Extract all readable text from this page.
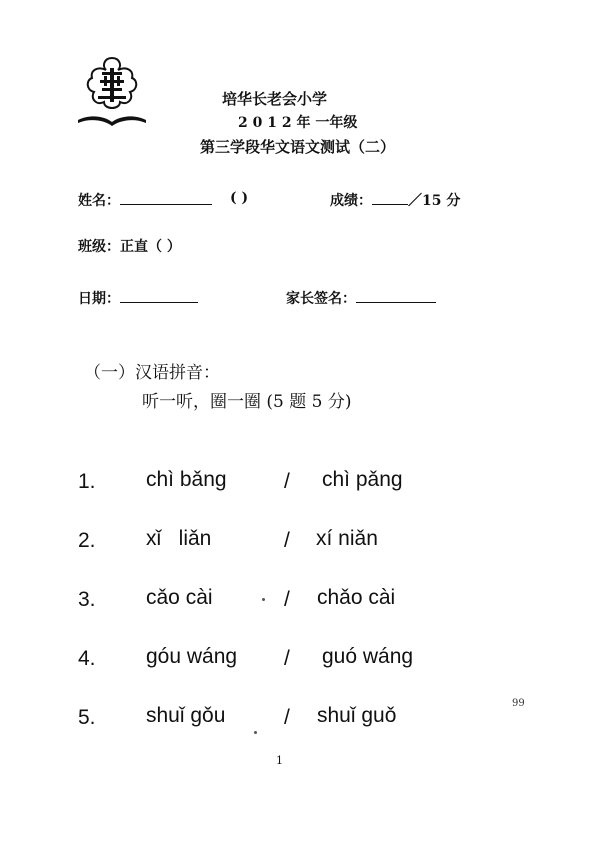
培华长老会小学
2 0 1 2 年 一年级
第三学段华文语文测试（二）
姓名：	( )	成绩：	／15 分
班级：正直（ ）
日期：	家长签名：
（一）汉语拼音：
听一听，圈一圈 (5 题 5 分)
1. chì bǎng	/ chì pǎng
2. xǐ   liǎn	/ xí niǎn
3. cǎo cài	/ chǎo cài
4. góu wáng / guó wáng
5. shuǐ gǒu	/ shuǐ guǒ
99
1
